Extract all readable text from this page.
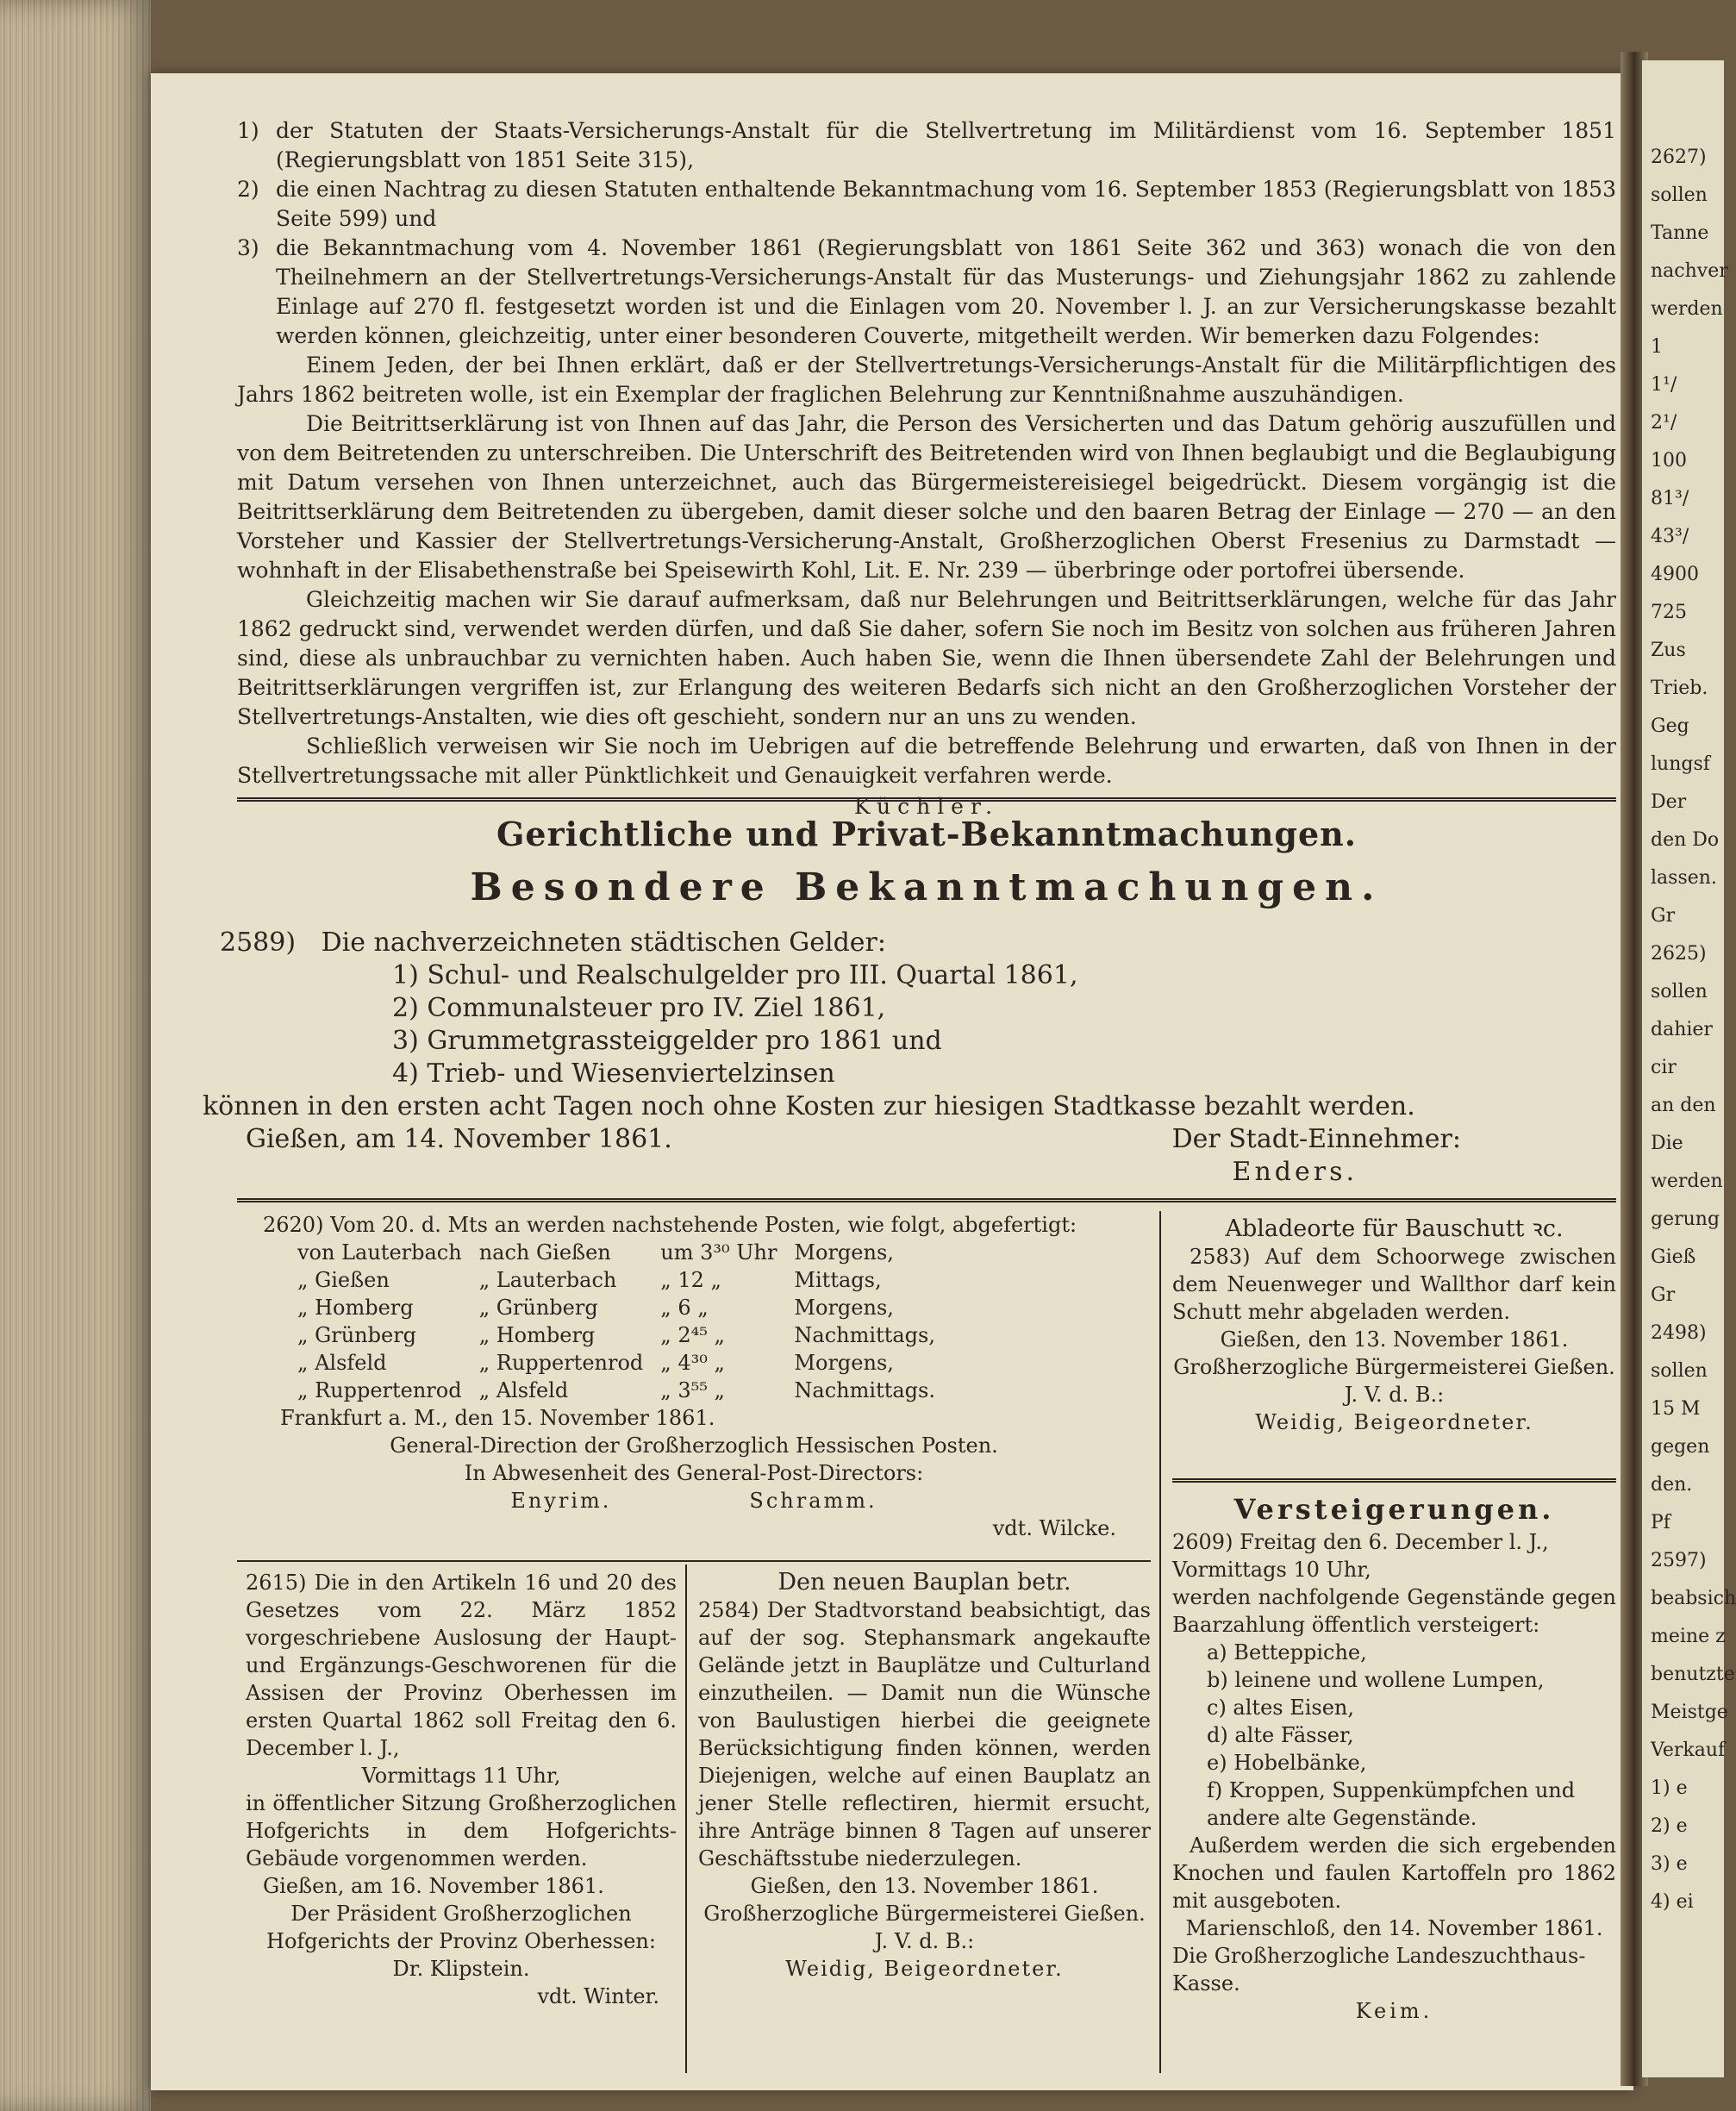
2627)
sollen
Tanne
nachver
werden
1
1¹/
2¹/
100
81³/
43³/
4900
725
Zus
Trieb.
Geg
lungsf
Der
den Do
lassen.
Gr
2625)
sollen
dahier
cir
an den
Die
werden
gerung
Gieß
Gr
2498)
sollen
15 M
gegen
den.
Pf
2597)
beabsich
meine z
benutzte
Meistge
Verkauf
1) e
2) e
3) e
4) ei
1) der Statuten der Staats-Versicherungs-Anstalt für die Stellvertretung im Militärdienst vom 16. September 1851 (Regierungsblatt von 1851 Seite 315),
2) die einen Nachtrag zu diesen Statuten enthaltende Bekanntmachung vom 16. September 1853 (Regierungsblatt von 1853 Seite 599) und
3) die Bekanntmachung vom 4. November 1861 (Regierungsblatt von 1861 Seite 362 und 363) wonach die von den Theilnehmern an der Stellvertretungs-Versicherungs-Anstalt für das Musterungs- und Ziehungsjahr 1862 zu zahlende Einlage auf 270 fl. festgesetzt worden ist und die Einlagen vom 20. November l. J. an zur Versicherungskasse bezahlt werden können, gleichzeitig, unter einer besonderen Couverte, mitgetheilt werden. Wir bemerken dazu Folgendes:

Einem Jeden, der bei Ihnen erklärt, daß er der Stellvertretungs-Versicherungs-Anstalt für die Militärpflichtigen des Jahrs 1862 beitreten wolle, ist ein Exemplar der fraglichen Belehrung zur Kenntnißnahme auszuhändigen.

Die Beitrittserklärung ist von Ihnen auf das Jahr, die Person des Versicherten und das Datum gehörig auszufüllen und von dem Beitretenden zu unterschreiben. Die Unterschrift des Beitretenden wird von Ihnen beglaubigt und die Beglaubigung mit Datum versehen von Ihnen unterzeichnet, auch das Bürgermeistereisiegel beigedrückt. Diesem vorgängig ist die Beitrittserklärung dem Beitretenden zu übergeben, damit dieser solche und den baaren Betrag der Einlage — 270 — an den Vorsteher und Kassier der Stellvertretungs-Versicherung-Anstalt, Großherzoglichen Oberst Fresenius zu Darmstadt — wohnhaft in der Elisabethenstraße bei Speisewirth Kohl, Lit. E. Nr. 239 — überbringe oder portofrei übersende.

Gleichzeitig machen wir Sie darauf aufmerksam, daß nur Belehrungen und Beitrittserklärungen, welche für das Jahr 1862 gedruckt sind, verwendet werden dürfen, und daß Sie daher, sofern Sie noch im Besitz von solchen aus früheren Jahren sind, diese als unbrauchbar zu vernichten haben. Auch haben Sie, wenn die Ihnen übersendete Zahl der Belehrungen und Beitrittserklärungen vergriffen ist, zur Erlangung des weiteren Bedarfs sich nicht an den Großherzoglichen Vorsteher der Stellvertretungs-Anstalten, wie dies oft geschieht, sondern nur an uns zu wenden.

Schließlich verweisen wir Sie noch im Uebrigen auf die betreffende Belehrung und erwarten, daß von Ihnen in der Stellvertretungssache mit aller Pünktlichkeit und Genauigkeit verfahren werde.

Küchler.
Gerichtliche und Privat-Bekanntmachungen.
Besondere Bekanntmachungen.
2589) Die nachverzeichneten städtischen Gelder:
1) Schul- und Realschulgelder pro III. Quartal 1861,
2) Communalsteuer pro IV. Ziel 1861,
3) Grummetgrassteiggelder pro 1861 und
4) Trieb- und Wiesenviertelzinsen
können in den ersten acht Tagen noch ohne Kosten zur hiesigen Stadtkasse bezahlt werden.
Gießen, am 14. November 1861.	Der Stadt-Einnehmer:
Enders.
2620) Vom 20. d. Mts an werden nachstehende Posten, wie folgt, abgefertigt:
von Lauterbach	nach Gießen	um 3³⁰ Uhr	Morgens,
„ Gießen	„ Lauterbach	„ 12 „	Mittags,
„ Homberg	„ Grünberg	„ 6 „	Morgens,
„ Grünberg	„ Homberg	„ 2⁴⁵ „	Nachmittags,
„ Alsfeld	„ Ruppertenrod	„ 4³⁰ „	Morgens,
„ Ruppertenrod	„ Alsfeld	„ 3⁵⁵ „	Nachmittags.
Frankfurt a. M., den 15. November 1861.
General-Direction der Großherzoglich Hessischen Posten.
In Abwesenheit des General-Post-Directors:
Enyrim.	Schramm.
vdt. Wilcke.
Abladeorte für Bauschutt ꝛc.
2583) Auf dem Schoorwege zwischen dem Neuenweger und Wallthor darf kein Schutt mehr abgeladen werden.
Gießen, den 13. November 1861.
Großherzogliche Bürgermeisterei Gießen.
J. V. d. B.:
Weidig, Beigeordneter.
Versteigerungen.
2609) Freitag den 6. December l. J., Vormittags 10 Uhr,
werden nachfolgende Gegenstände gegen Baarzahlung öffentlich versteigert:
a) Betteppiche,
b) leinene und wollene Lumpen,
c) altes Eisen,
d) alte Fässer,
e) Hobelbänke,
f) Kroppen, Suppenkümpfchen und andere alte Gegenstände.
Außerdem werden die sich ergebenden Knochen und faulen Kartoffeln pro 1862 mit ausgeboten.
Marienschloß, den 14. November 1861.
Die Großherzogliche Landeszuchthaus-Kasse.
Keim.
2615) Die in den Artikeln 16 und 20 des Gesetzes vom 22. März 1852 vorgeschriebene Auslosung der Haupt- und Ergänzungs-Geschworenen für die Assisen der Provinz Oberhessen im ersten Quartal 1862 soll Freitag den 6. December l. J.,
Vormittags 11 Uhr,
in öffentlicher Sitzung Großherzoglichen Hofgerichts in dem Hofgerichts-Gebäude vorgenommen werden.
Gießen, am 16. November 1861.
Der Präsident Großherzoglichen Hofgerichts der Provinz Oberhessen:
Dr. Klipstein.
vdt. Winter.
Den neuen Bauplan betr.
2584) Der Stadtvorstand beabsichtigt, das auf der sog. Stephansmark angekaufte Gelände jetzt in Bauplätze und Culturland einzutheilen. — Damit nun die Wünsche von Baulustigen hierbei die geeignete Berücksichtigung finden können, werden Diejenigen, welche auf einen Bauplatz an jener Stelle reflectiren, hiermit ersucht, ihre Anträge binnen 8 Tagen auf unserer Geschäftsstube niederzulegen.
Gießen, den 13. November 1861.
Großherzogliche Bürgermeisterei Gießen.
J. V. d. B.:
Weidig, Beigeordneter.
